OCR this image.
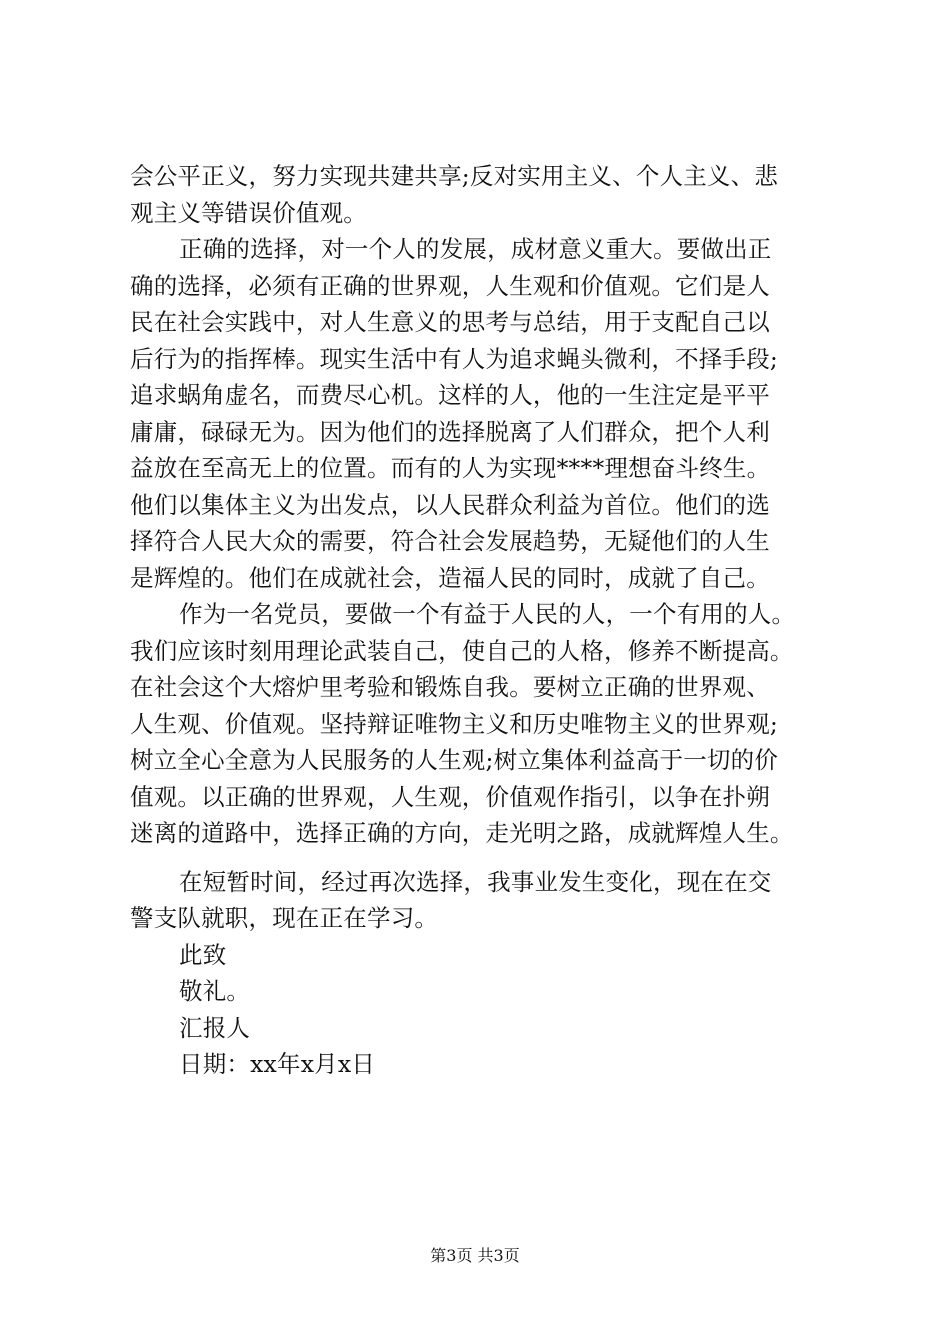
会公平正义，努力实现共建共享;反对实用主义、个人主义、悲
观主义等错误价值观。
正确的选择，对一个人的发展，成材意义重大。要做出正
确的选择，必须有正确的世界观，人生观和价值观。它们是人
民在社会实践中，对人生意义的思考与总结，用于支配自己以
后行为的指挥棒。现实生活中有人为追求蝇头微利，不择手段;
追求蜗角虚名，而费尽心机。这样的人，他的一生注定是平平
庸庸，碌碌无为。因为他们的选择脱离了人们群众，把个人利
益放在至高无上的位置。而有的人为实现****理想奋斗终生。
他们以集体主义为出发点，以人民群众利益为首位。他们的选
择符合人民大众的需要，符合社会发展趋势，无疑他们的人生
是辉煌的。他们在成就社会，造福人民的同时，成就了自己。
作为一名党员，要做一个有益于人民的人，一个有用的人。
我们应该时刻用理论武装自己，使自己的人格，修养不断提高。
在社会这个大熔炉里考验和锻炼自我。要树立正确的世界观、
人生观、价值观。坚持辩证唯物主义和历史唯物主义的世界观;
树立全心全意为人民服务的人生观;树立集体利益高于一切的价
值观。以正确的世界观，人生观，价值观作指引，以争在扑朔
迷离的道路中，选择正确的方向，走光明之路，成就辉煌人生。
在短暂时间，经过再次选择，我事业发生变化，现在在交
警支队就职，现在正在学习。
此致
敬礼。
汇报人
日期：xx年x月x日
第3页 共3页
